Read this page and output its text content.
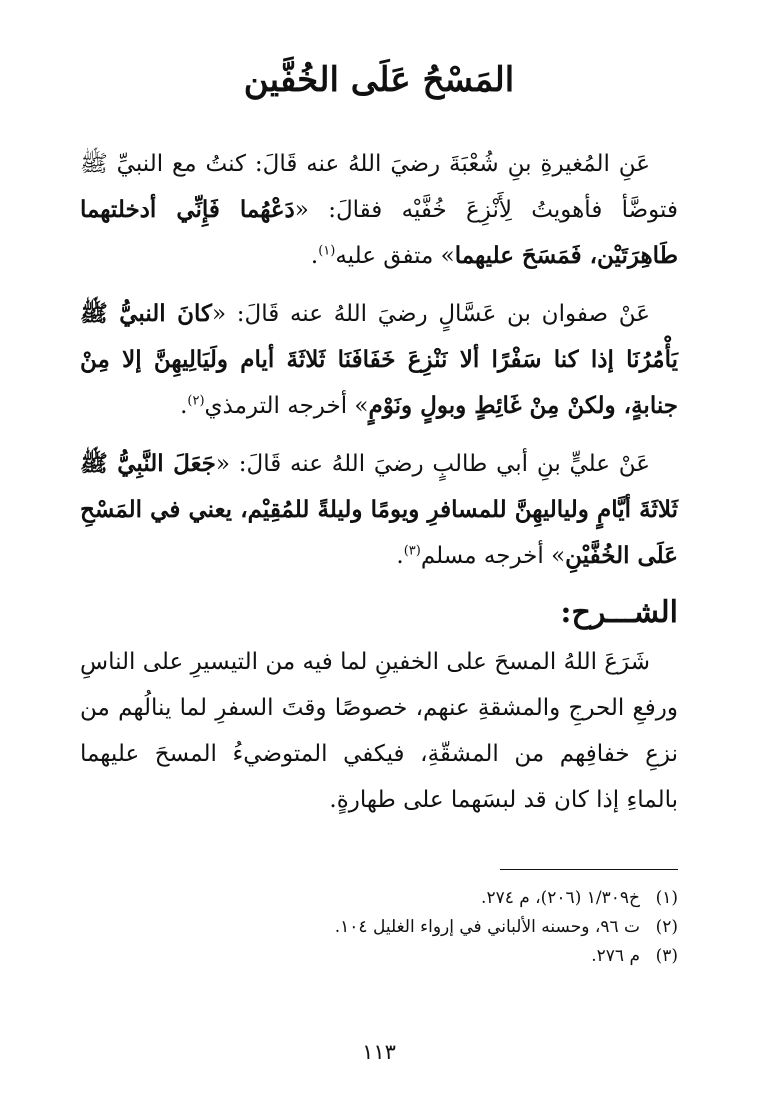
المَسْحُ عَلَى الخُفَّين

عَنِ المُغيرةِ بنِ شُعْبَةَ رضيَ اللهُ عنه قَالَ: كنتُ مع النبيِّ ﷺ فتوضَّأ فأهويتُ لِأَنْزِعَ خُفَّيْه فقالَ: «دَعْهُما فَإِنِّي أدخلتهما طَاهِرَتَيْن، فَمَسَحَ عليهما» متفق عليه$^{(١)}$.

عَنْ صفوان بن عَسَّالٍ رضيَ اللهُ عنه قَالَ: «كانَ النبيُّ ﷺ يَأْمُرُنَا إذا كنا سَفْرًا ألا نَنْزِعَ خَفَافَنَا ثَلاثَةَ أيام ولَيَالِيهِنَّ إلا مِنْ جنابةٍ، ولكنْ مِنْ غَائِطٍ وبولٍ ونَوْمٍ» أخرجه الترمذي$^{(٢)}$.

عَنْ عليٍّ بنِ أبي طالبٍ رضيَ اللهُ عنه قَالَ: «جَعَلَ النَّبِيُّ ﷺ ثَلاثَةَ أيَّامٍ ولياليهِنَّ للمسافرِ ويومًا وليلةً للمُقِيْم، يعني في المَسْحِ عَلَى الخُفَّيْنِ» أخرجه مسلم$^{(٣)}$.

الشـــرح:

شَرَعَ اللهُ المسحَ على الخفينِ لما فيه من التيسيرِ على الناسِ ورفعِ الحرجِ والمشقةِ عنهم، خصوصًا وقتَ السفرِ لما ينالُهم من نزعِ خفافِهم من المشقّةِ، فيكفي المتوضيءُ المسحَ عليهما بالماءِ إذا كان قد لبسَهما على طهارةٍ.

(١)خ١/٣٠٩ (٢٠٦)، م ٢٧٤.
(٢)ت ٩٦، وحسنه الألباني في إرواء الغليل ١٠٤.
(٣)م ٢٧٦.
١١٣
